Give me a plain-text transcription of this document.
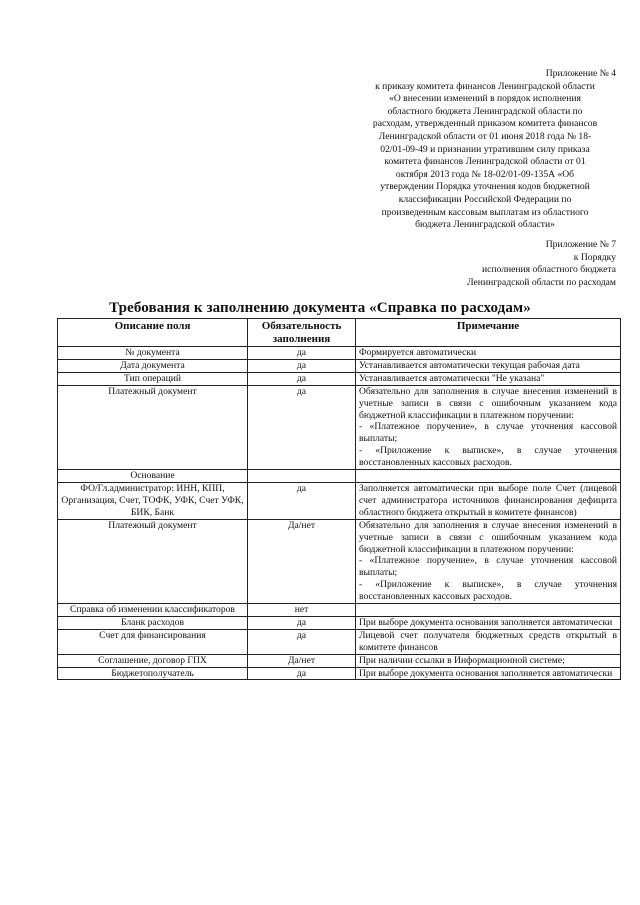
Приложение № 4
к приказу комитета финансов Ленинградской области
«О внесении изменений в порядок исполнения
областного бюджета Ленинградской области по
расходам, утвержденный приказом комитета финансов
Ленинградской области от 01 июня 2018 года № 18-
02/01-09-49 и признании утратившим силу приказа
комитета финансов Ленинградской области от 01
октября 2013 года № 18-02/01-09-135А «Об
утверждении Порядка уточнения кодов бюджетной
классификации Российской Федерации по
произведенным кассовым выплатам из областного
бюджета Ленинградской области»
Приложение № 7
к Порядку
исполнения областного бюджета
Ленинградской области по расходам
Требования к заполнению документа «Справка по расходам»
Описание поля	Обязательность заполнения	Примечание
№ документа	да	Формируется автоматически

Дата документа	да	Устанавливается автоматически текущая рабочая дата

Тип операций	да	Устанавливается автоматически "Не указана"

Платежный документ	да	Обязательно для заполнения в случае внесения изменений в учетные записи в связи с ошибочным указанием кода бюджетной классификации в платежном поручении:
- «Платежное поручение», в случае уточнения кассовой выплаты;
- «Приложение к выписке», в случае уточнения восстановленных кассовых расходов.

Основание		
ФО/Гл.администратор: ИНН, КПП, Организация, Счет, ТОФК, УФК, Счет УФК, БИК, Банк	да	Заполняется автоматически при выборе поле Счет (лицевой счет администратора источников финансирования дефицита областного бюджета открытый в комитете финансов)

Платежный документ	Да/нет	Обязательно для заполнения в случае внесения изменений в учетные записи в связи с ошибочным указанием кода бюджетной классификации в платежном поручении:
- «Платежное поручение», в случае уточнения кассовой выплаты;
- «Приложение к выписке», в случае уточнения восстановленных кассовых расходов.

Справка об изменении классификаторов	нет	
Бланк расходов	да	При выборе документа основания заполняется автоматически

Счет для финансирования	да	Лицевой счет получателя бюджетных средств открытый в комитете финансов

Соглашение, договор ГПХ	Да/нет	При наличии ссылки в Информационной системе;

Бюджетополучатель	да	При выборе документа основания заполняется автоматически
